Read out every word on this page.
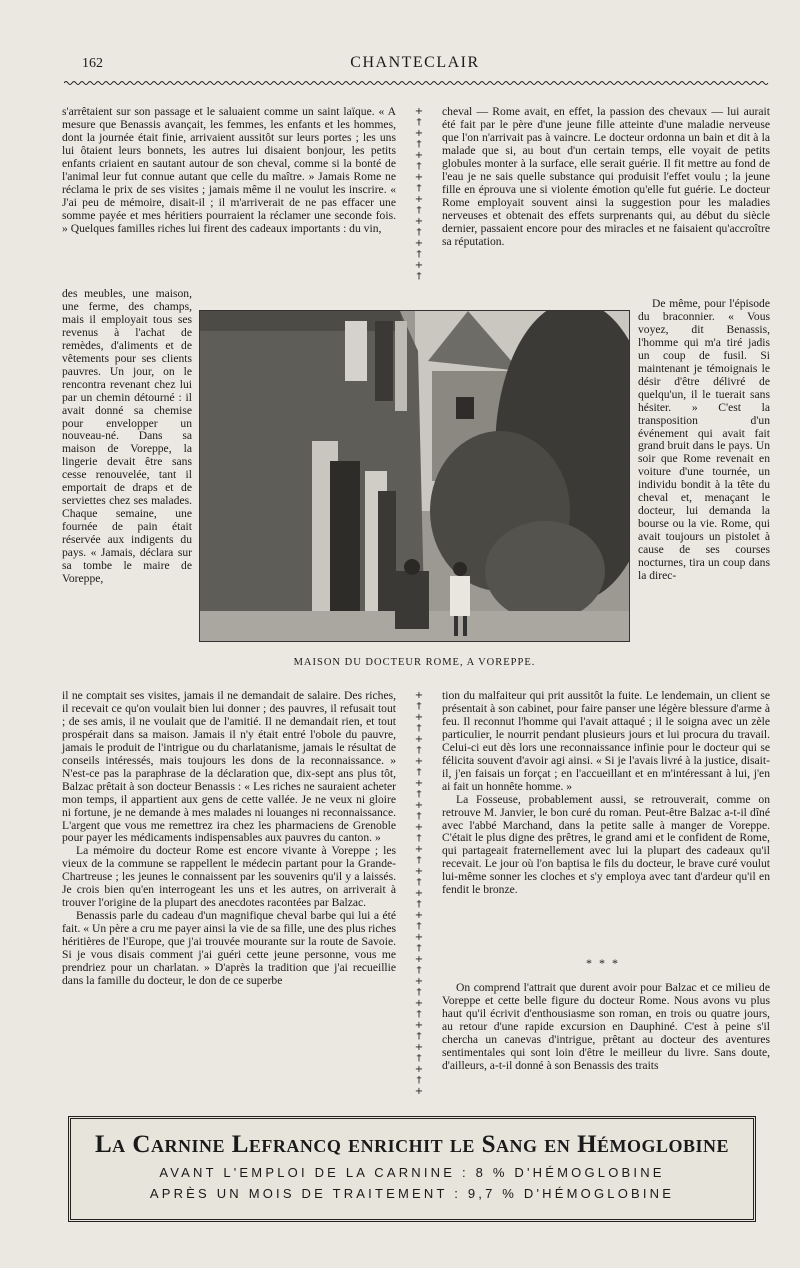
162	CHANTECLAIR

s'arrêtaient sur son passage et le saluaient comme un saint laïque. « A mesure que Benassis avançait, les femmes, les enfants et les hommes, dont la journée était finie, arrivaient aussitôt sur leurs portes ; les uns lui ôtaient leurs bonnets, les autres lui disaient bonjour, les petits enfants criaient en sautant autour de son cheval, comme si la bonté de l'animal leur fut connue autant que celle du maître. » Jamais Rome ne réclama le prix de ses visites ; jamais même il ne voulut les inscrire. « J'ai peu de mémoire, disait-il ; il m'arriverait de ne pas effacer une somme payée et mes héritiers pourraient la réclamer une seconde fois. » Quelques familles riches lui firent des cadeaux importants : du vin,

des meubles, une maison, une ferme, des champs, mais il employait tous ses revenus à l'achat de remèdes, d'aliments et de vêtements pour ses clients pauvres. Un jour, on le rencontra revenant chez lui par un chemin détourné : il avait donné sa chemise pour envelopper un nouveau-né. Dans sa maison de Voreppe, la lingerie devait être sans cesse renouvelée, tant il emportait de draps et de serviettes chez ses malades. Chaque semaine, une fournée de pain était réservée aux indigents du pays. « Jamais, déclara sur sa tombe le maire de Voreppe,

il ne comptait ses visites, jamais il ne demandait de salaire. Des riches, il recevait ce qu'on voulait bien lui donner ; des pauvres, il refusait tout ; de ses amis, il ne voulait que de l'amitié. Il ne demandait rien, et tout prospérait dans sa maison. Jamais il n'y était entré l'obole du pauvre, jamais le produit de l'intrigue ou du charlatanisme, jamais le résultat de conseils intéressés, mais toujours les dons de la reconnaissance. » N'est-ce pas la paraphrase de la déclaration que, dix-sept ans plus tôt, Balzac prêtait à son docteur Benassis : « Les riches ne sauraient acheter mon temps, il appartient aux gens de cette vallée. Je ne veux ni gloire ni fortune, je ne demande à mes malades ni louanges ni reconnaissance. L'argent que vous me remettrez ira chez les pharmaciens de Grenoble pour payer les médicaments indispensables aux pauvres du canton. »

La mémoire du docteur Rome est encore vivante à Voreppe ; les vieux de la commune se rappellent le médecin partant pour la Grande-Chartreuse ; les jeunes le connaissent par les souvenirs qu'il y a laissés. Je crois bien qu'en interrogeant les uns et les autres, on arriverait à trouver l'origine de la plupart des anecdotes racontées par Balzac.

Benassis parle du cadeau d'un magnifique cheval barbe qui lui a été fait. « Un père a cru me payer ainsi la vie de sa fille, une des plus riches héritières de l'Europe, que j'ai trouvée mourante sur la route de Savoie. Si je vous disais comment j'ai guéri cette jeune personne, vous me prendriez pour un charlatan. » D'après la tradition que j'ai recueillie dans la famille du docteur, le don de ce superbe

cheval — Rome avait, en effet, la passion des chevaux — lui aurait été fait par le père d'une jeune fille atteinte d'une maladie nerveuse que l'on n'arrivait pas à vaincre. Le docteur ordonna un bain et dit à la malade que si, au bout d'un certain temps, elle voyait de petits globules monter à la surface, elle serait guérie. Il fit mettre au fond de l'eau je ne sais quelle substance qui produisit l'effet voulu ; la jeune fille en éprouva une si violente émotion qu'elle fut guérie. Le docteur Rome employait souvent ainsi la suggestion pour les maladies nerveuses et obtenait des effets surprenants qui, au début du siècle dernier, passaient encore pour des miracles et ne faisaient qu'accroître sa réputation.

De même, pour l'épisode du braconnier. « Vous voyez, dit Benassis, l'homme qui m'a tiré jadis un coup de fusil. Si maintenant je témoignais le désir d'être délivré de quelqu'un, il le tuerait sans hésiter. » C'est la transposition d'un événement qui avait fait grand bruit dans le pays. Un soir que Rome revenait en voiture d'une tournée, un individu bondit à la tête du cheval et, menaçant le docteur, lui demanda la bourse ou la vie. Rome, qui avait toujours un pistolet à cause de ses courses nocturnes, tira un coup dans la direc-

tion du malfaiteur qui prit aussitôt la fuite. Le lendemain, un client se présentait à son cabinet, pour faire panser une légère blessure d'arme à feu. Il reconnut l'homme qui l'avait attaqué ; il le soigna avec un zèle particulier, le nourrit pendant plusieurs jours et lui procura du travail. Celui-ci eut dès lors une reconnaissance infinie pour le docteur qui se félicita souvent d'avoir agi ainsi. « Si je l'avais livré à la justice, disait-il, j'en faisais un forçat ; en l'accueillant et en m'intéressant à lui, j'en ai fait un honnête homme. »

La Fosseuse, probablement aussi, se retrouverait, comme on retrouve M. Janvier, le bon curé du roman. Peut-être Balzac a-t-il dîné avec l'abbé Marchand, dans la petite salle à manger de Voreppe. C'était le plus digne des prêtres, le grand ami et le confident de Rome, qui partageait fraternellement avec lui la plupart des cadeaux qu'il recevait. Le jour où l'on baptisa le fils du docteur, le brave curé voulut lui-même sonner les cloches et s'y employa avec tant d'ardeur qu'il en fendit le bronze.

* * *

On comprend l'attrait que durent avoir pour Balzac et ce milieu de Voreppe et cette belle figure du docteur Rome. Nous avons vu plus haut qu'il écrivit d'enthousiasme son roman, en trois ou quatre jours, au retour d'une rapide excursion en Dauphiné. C'est à peine s'il chercha un canevas d'intrigue, prêtant au docteur des aventures sentimentales qui sont loin d'être le meilleur du livre. Sans doute, d'ailleurs, a-t-il donné à son Benassis des traits

+
†
+
†
+
†
+
†
+
†
+
†
+
†
+
†

+
†
+
†
+
†
+
†
+
†
+
†
+
†
+
†
+
†
+
†
+
†
+
†
+
†
+
†
+
†
+
†
+
†
+
†
+

MAISON DU DOCTEUR ROME, A VOREPPE.
La Carnine Lefrancq enrichit le Sang en Hémoglobine
AVANT L'EMPLOI DE LA CARNINE : 8 % D'HÉMOGLOBINE
APRÈS UN MOIS DE TRAITEMENT : 9,7 % D'HÉMOGLOBINE
